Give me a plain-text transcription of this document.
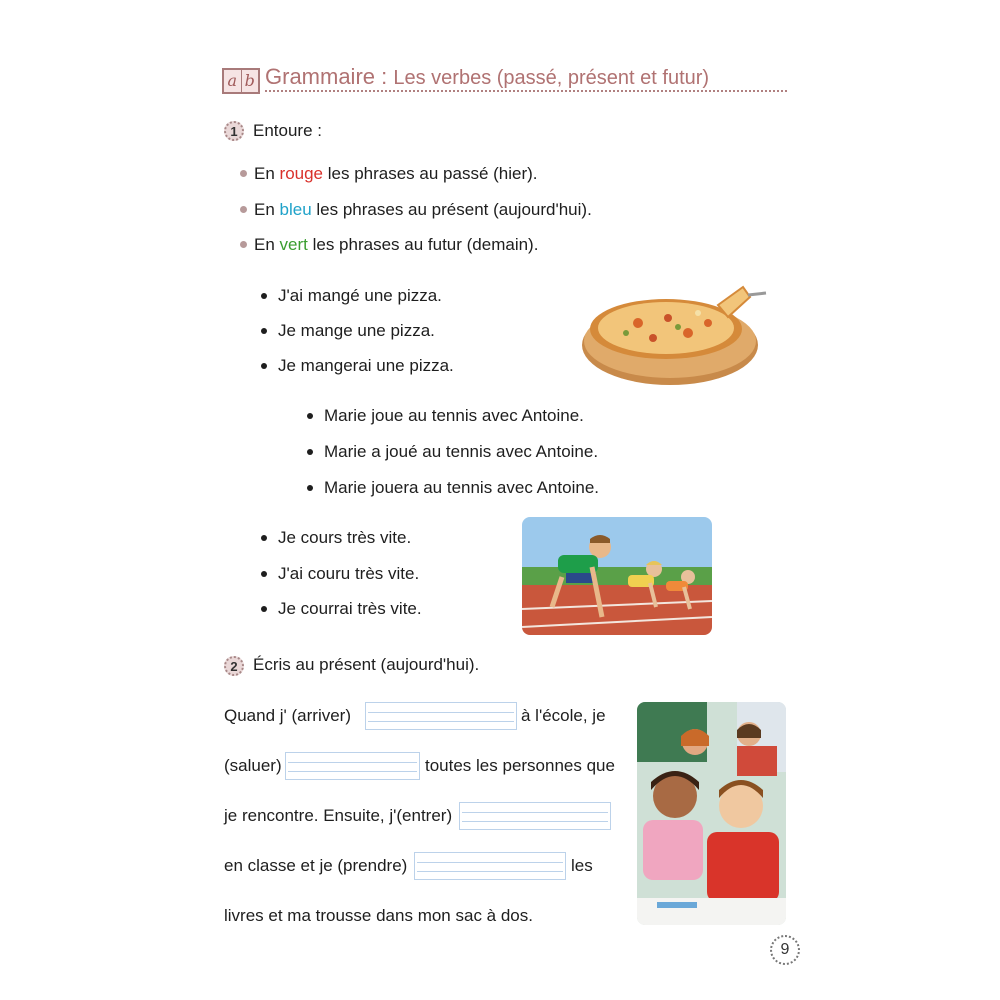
a b Grammaire : Les verbes (passé, présent et futur)
1 Entoure :
En rouge les phrases au passé (hier).
En bleu les phrases au présent (aujourd'hui).
En vert les phrases au futur (demain).
J'ai mangé une pizza.
Je mange une pizza.
Je mangerai une pizza.
Marie joue au tennis avec Antoine.
Marie a joué au tennis avec Antoine.
Marie jouera au tennis avec Antoine.
Je cours très vite.
J'ai couru très vite.
Je courrai très vite.
2 Écris au présent (aujourd'hui).
Quand j' (arriver)	à l'école, je
(saluer)	toutes les personnes que
je rencontre. Ensuite, j'(entrer)
en classe et je (prendre)	les
livres et ma trousse dans mon sac à dos.
9
